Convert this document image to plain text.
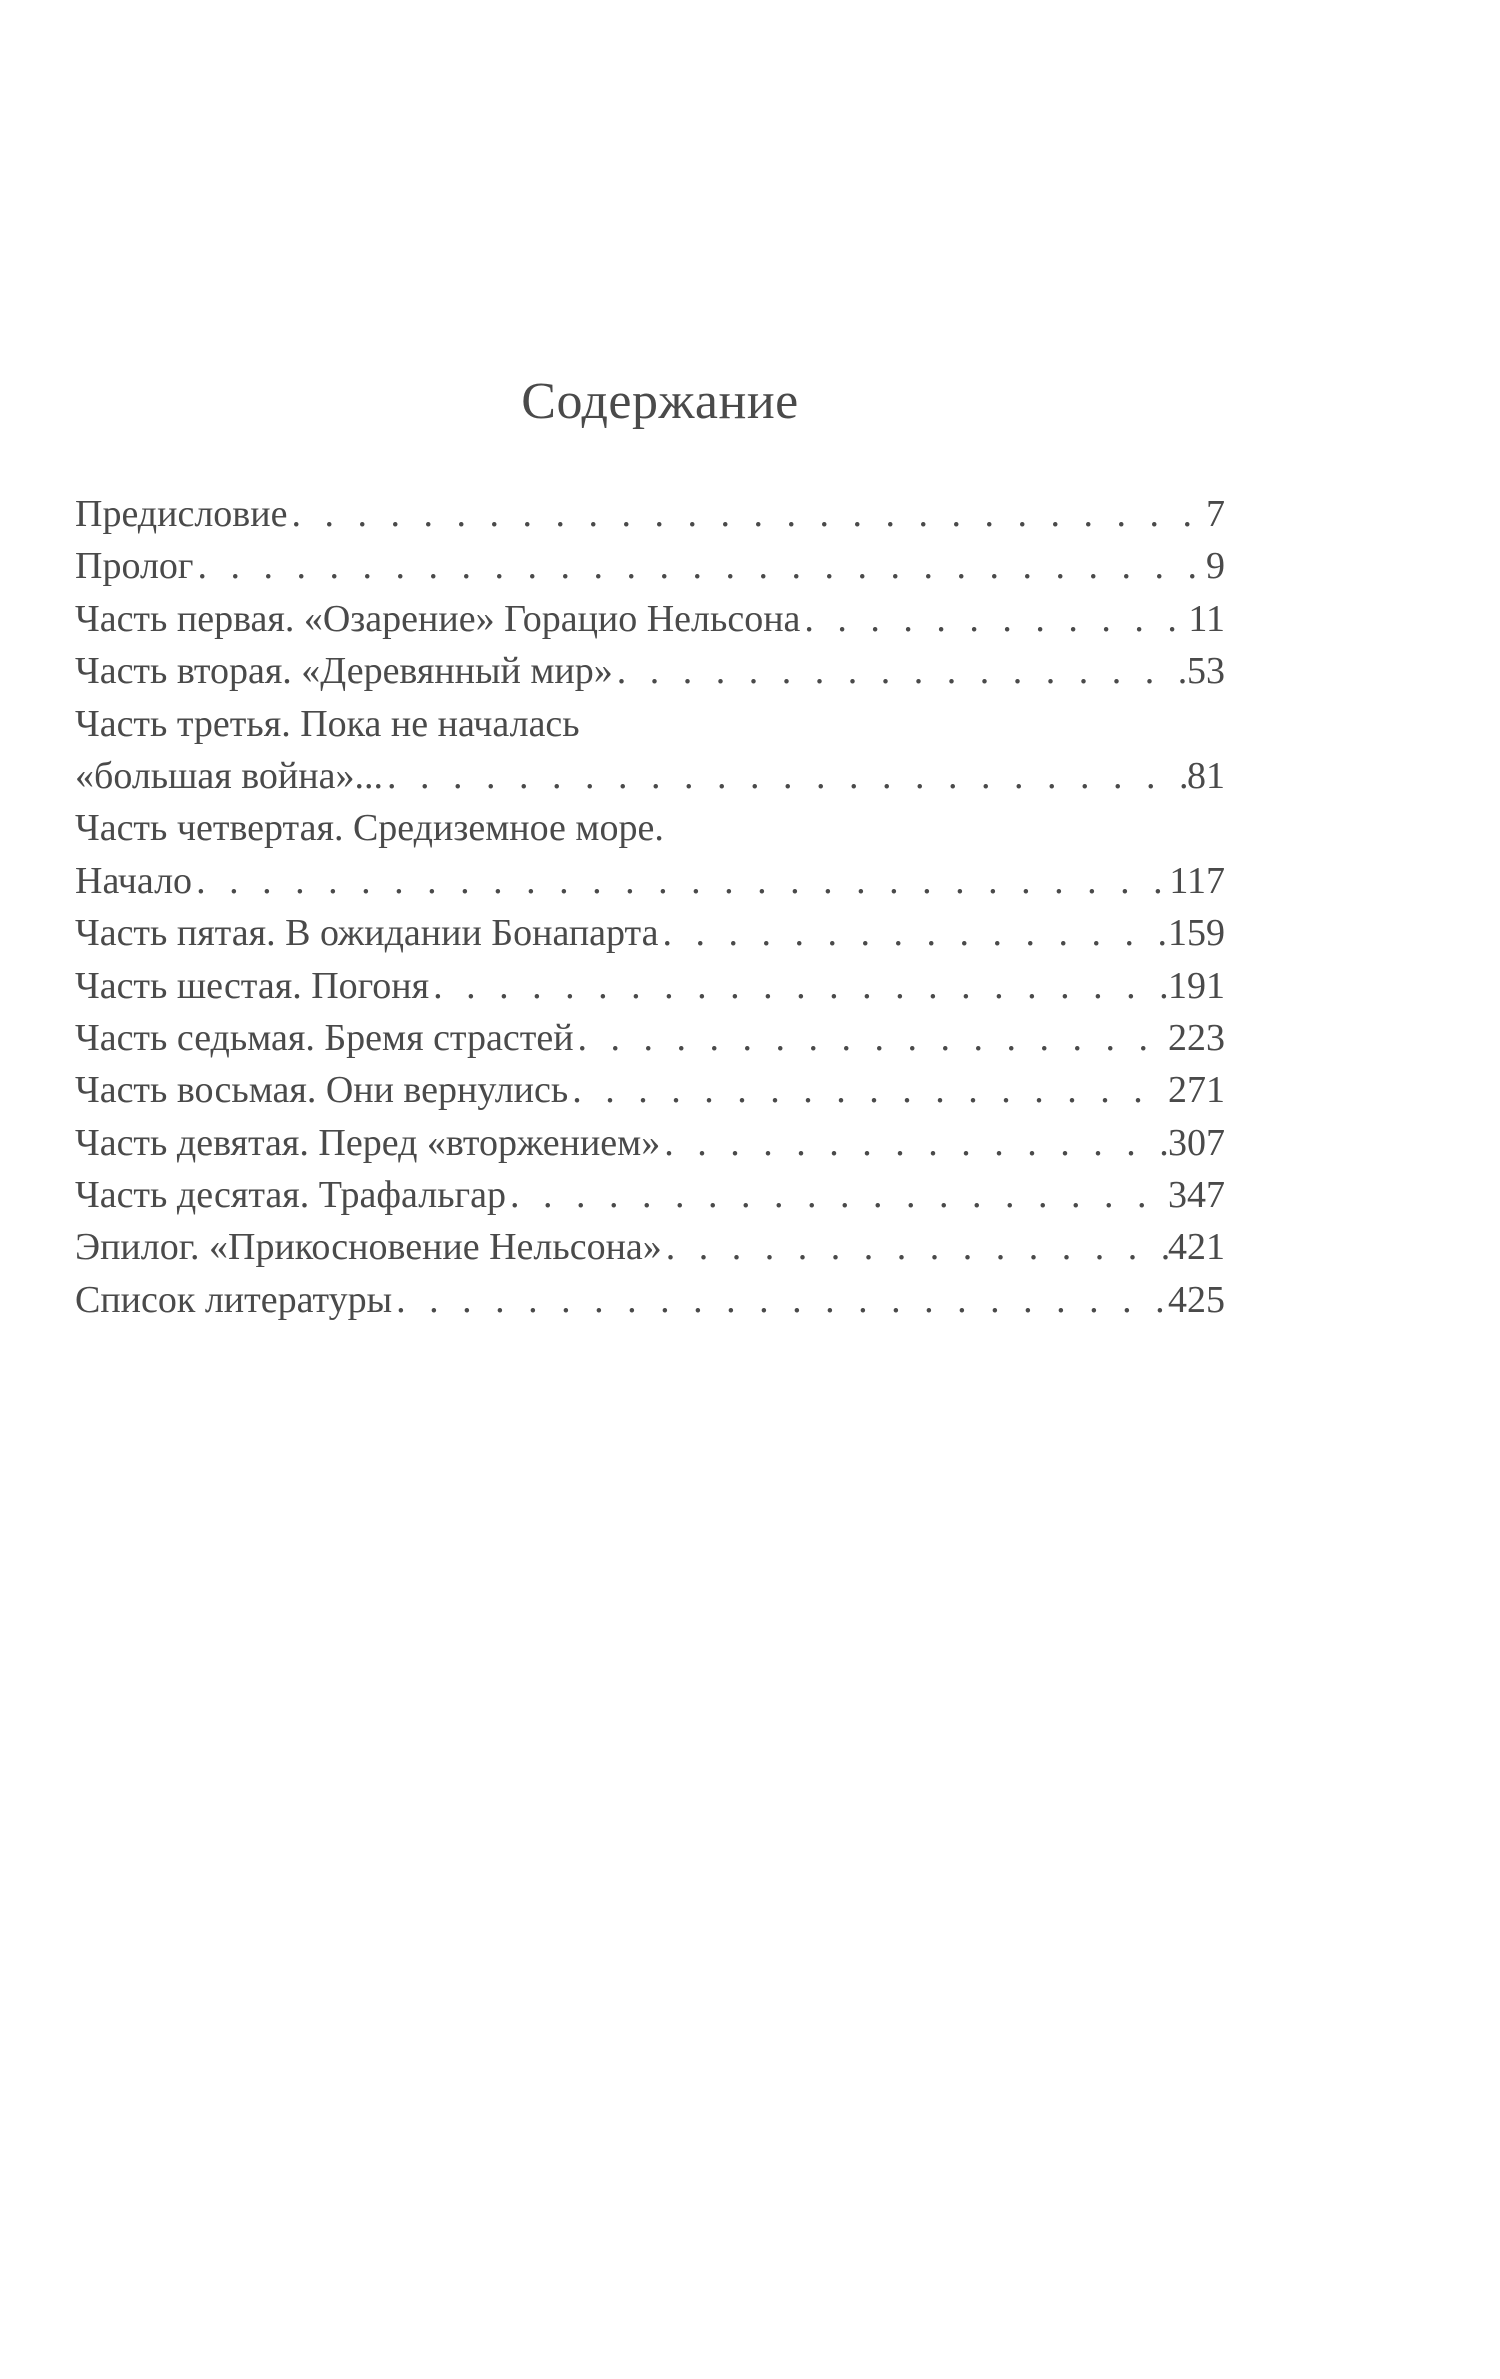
Содержание
Предисловие . . .	7
Пролог . . .	9
Часть первая. «Озарение» Горацио Нельсона . . .	11
Часть вторая. «Деревянный мир» . . .	53
Часть третья. Пока не началась
«большая война»... . . .	81
Часть четвертая. Средиземное море.
Начало . . .	117
Часть пятая. В ожидании Бонапарта . . .	159
Часть шестая. Погоня . . .	191
Часть седьмая. Бремя страстей . . .	223
Часть восьмая. Они вернулись . . .	271
Часть девятая. Перед «вторжением» . . .	307
Часть десятая. Трафальгар . . .	347
Эпилог. «Прикосновение Нельсона» . . .	421
Список литературы . . .	425
